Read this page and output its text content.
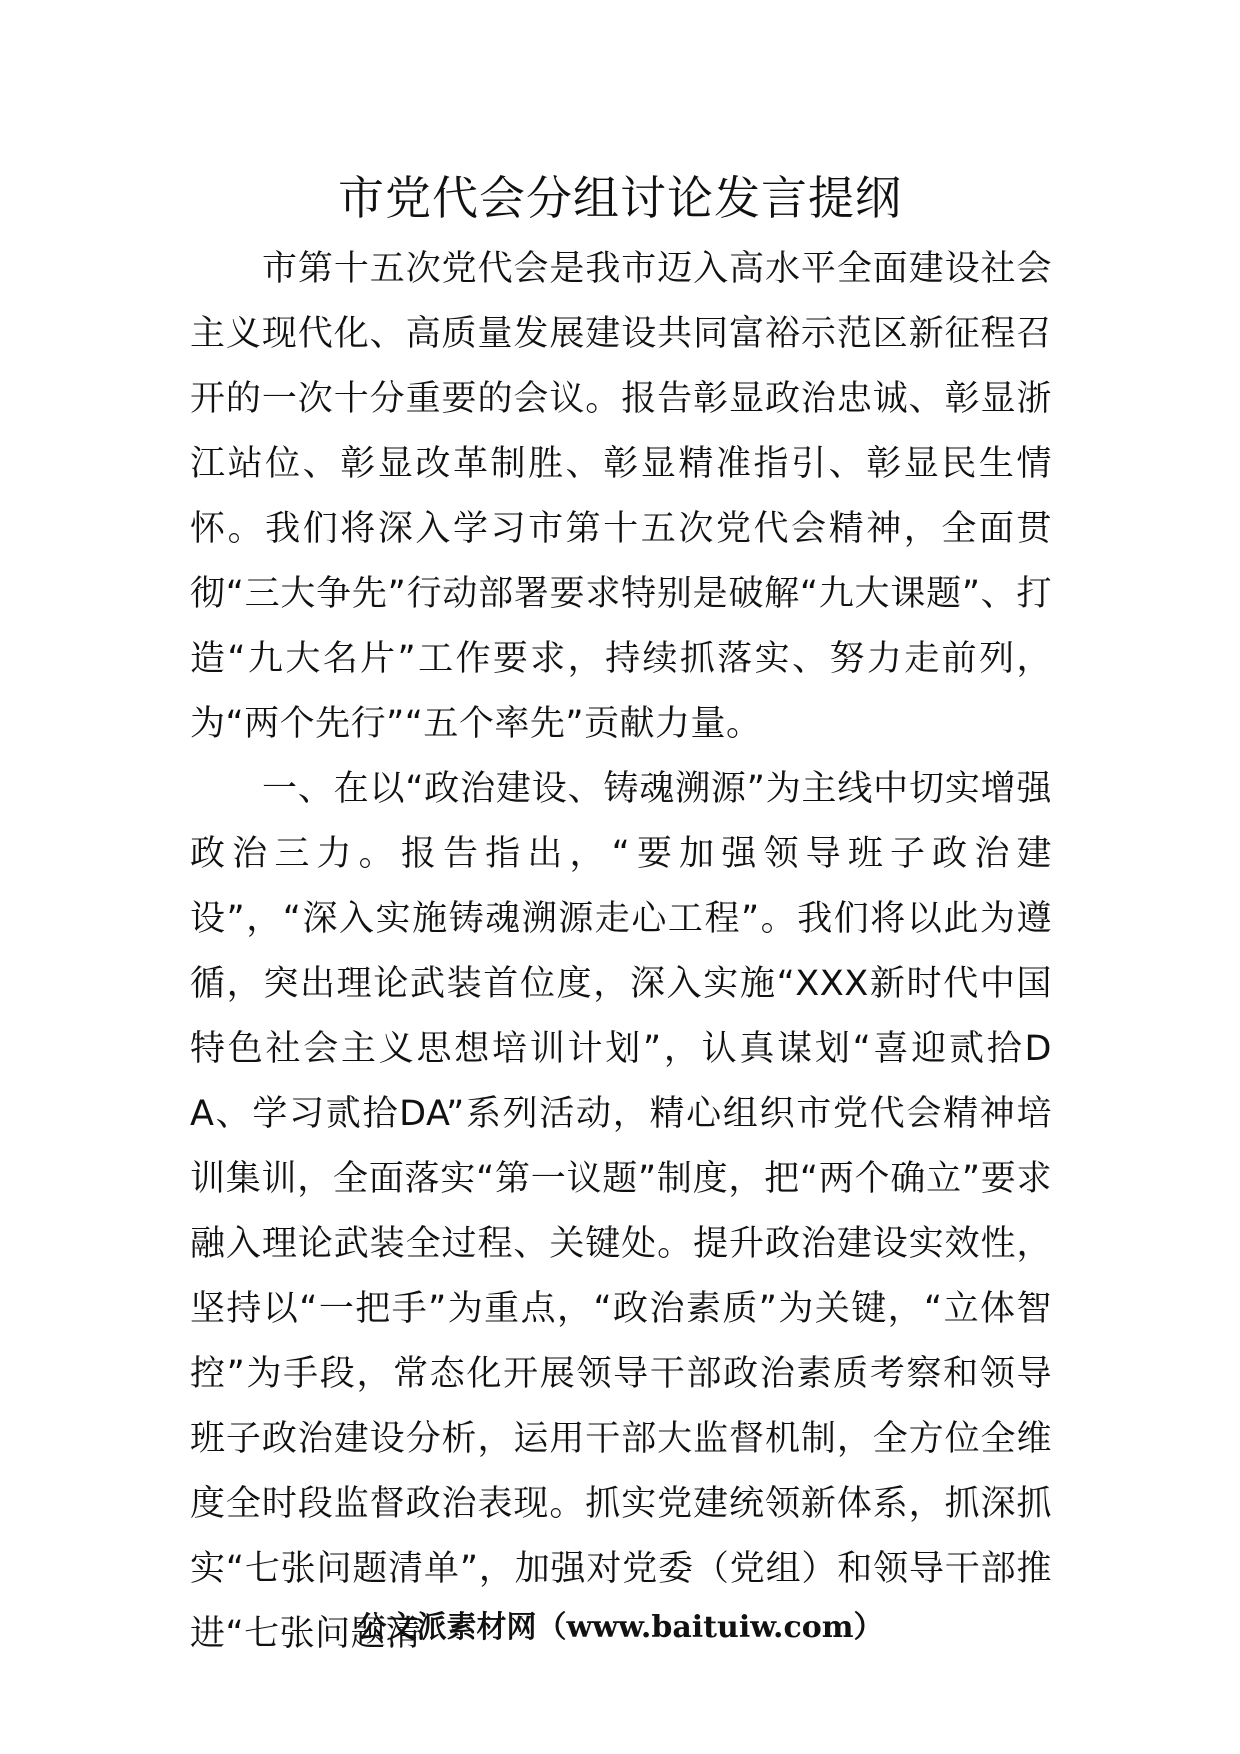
市党代会分组讨论发言提纲

市第十五次党代会是我市迈入高水平全面建设社会主义现代化、高质量发展建设共同富裕示范区新征程召开的一次十分重要的会议。报告彰显政治忠诚、彰显浙江站位、彰显改革制胜、彰显精准指引、彰显民生情怀。我们将深入学习市第十五次党代会精神，全面贯彻“三大争先”行动部署要求特别是破解“九大课题”、打造“九大名片”工作要求，持续抓落实、努力走前列，为“两个先行”“五个率先”贡献力量。

一、在以“政治建设、铸魂溯源”为主线中切实增强政治三力。报告指出，“要加强领导班子政治建设”，“深入实施铸魂溯源走心工程”。我们将以此为遵循，突出理论武装首位度，深入实施“XXX新时代中国特色社会主义思想培训计划”，认真谋划“喜迎贰拾DA、学习贰拾DA”系列活动，精心组织市党代会精神培训集训，全面落实“第一议题”制度，把“两个确立”要求融入理论武装全过程、关键处。提升政治建设实效性，坚持以“一把手”为重点，“政治素质”为关键，“立体智控”为手段，常态化开展领导干部政治素质考察和领导班子政治建设分析，运用干部大监督机制，全方位全维度全时段监督政治表现。抓实党建统领新体系，抓深抓实“七张问题清单”，加强对党委（党组）和领导干部推进“七张问题清

公文派素材网（www.baituiw.com）
